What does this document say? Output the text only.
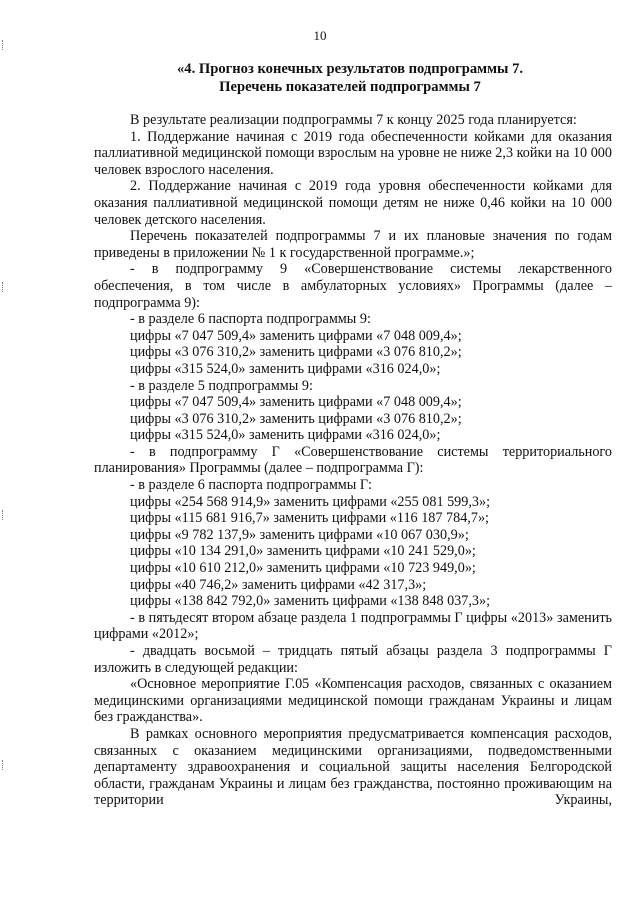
10
«4. Прогноз конечных результатов подпрограммы 7.
Перечень показателей подпрограммы 7

В результате реализации подпрограммы 7 к концу 2025 года планируется:

1. Поддержание начиная с 2019 года обеспеченности койками для оказания паллиативной медицинской помощи взрослым на уровне не ниже 2,3 койки на 10 000 человек взрослого населения.

2. Поддержание начиная с 2019 года уровня обеспеченности койками для оказания паллиативной медицинской помощи детям не ниже 0,46 койки на 10 000 человек детского населения.

Перечень показателей подпрограммы 7 и их плановые значения по годам приведены в приложении № 1 к государственной программе.»;

- в подпрограмму 9 «Совершенствование системы лекарственного обеспечения, в том числе в амбулаторных условиях» Программы (далее – подпрограмма 9):

- в разделе 6 паспорта подпрограммы 9:

цифры «7 047 509,4» заменить цифрами «7 048 009,4»;

цифры «3 076 310,2» заменить цифрами «3 076 810,2»;

цифры «315 524,0» заменить цифрами «316 024,0»;

- в разделе 5 подпрограммы 9:

цифры «7 047 509,4» заменить цифрами «7 048 009,4»;

цифры «3 076 310,2» заменить цифрами «3 076 810,2»;

цифры «315 524,0» заменить цифрами «316 024,0»;

- в подпрограмму Г «Совершенствование системы территориального планирования» Программы (далее – подпрограмма Г):

- в разделе 6 паспорта подпрограммы Г:

цифры «254 568 914,9» заменить цифрами «255 081 599,3»;

цифры «115 681 916,7» заменить цифрами «116 187 784,7»;

цифры «9 782 137,9» заменить цифрами «10 067 030,9»;

цифры «10 134 291,0» заменить цифрами «10 241 529,0»;

цифры «10 610 212,0» заменить цифрами «10 723 949,0»;

цифры «40 746,2» заменить цифрами «42 317,3»;

цифры «138 842 792,0» заменить цифрами «138 848 037,3»;

- в пятьдесят втором абзаце раздела 1 подпрограммы Г цифры «2013» заменить цифрами «2012»;

- двадцать восьмой – тридцать пятый абзацы раздела 3 подпрограммы Г изложить в следующей редакции:

«Основное мероприятие Г.05 «Компенсация расходов, связанных с оказанием медицинскими организациями медицинской помощи гражданам Украины и лицам без гражданства».

В рамках основного мероприятия предусматривается компенсация расходов, связанных с оказанием медицинскими организациями, подведомственными департаменту здравоохранения и социальной защиты населения Белгородской области, гражданам Украины и лицам без гражданства, постоянно проживающим на территории Украины,
